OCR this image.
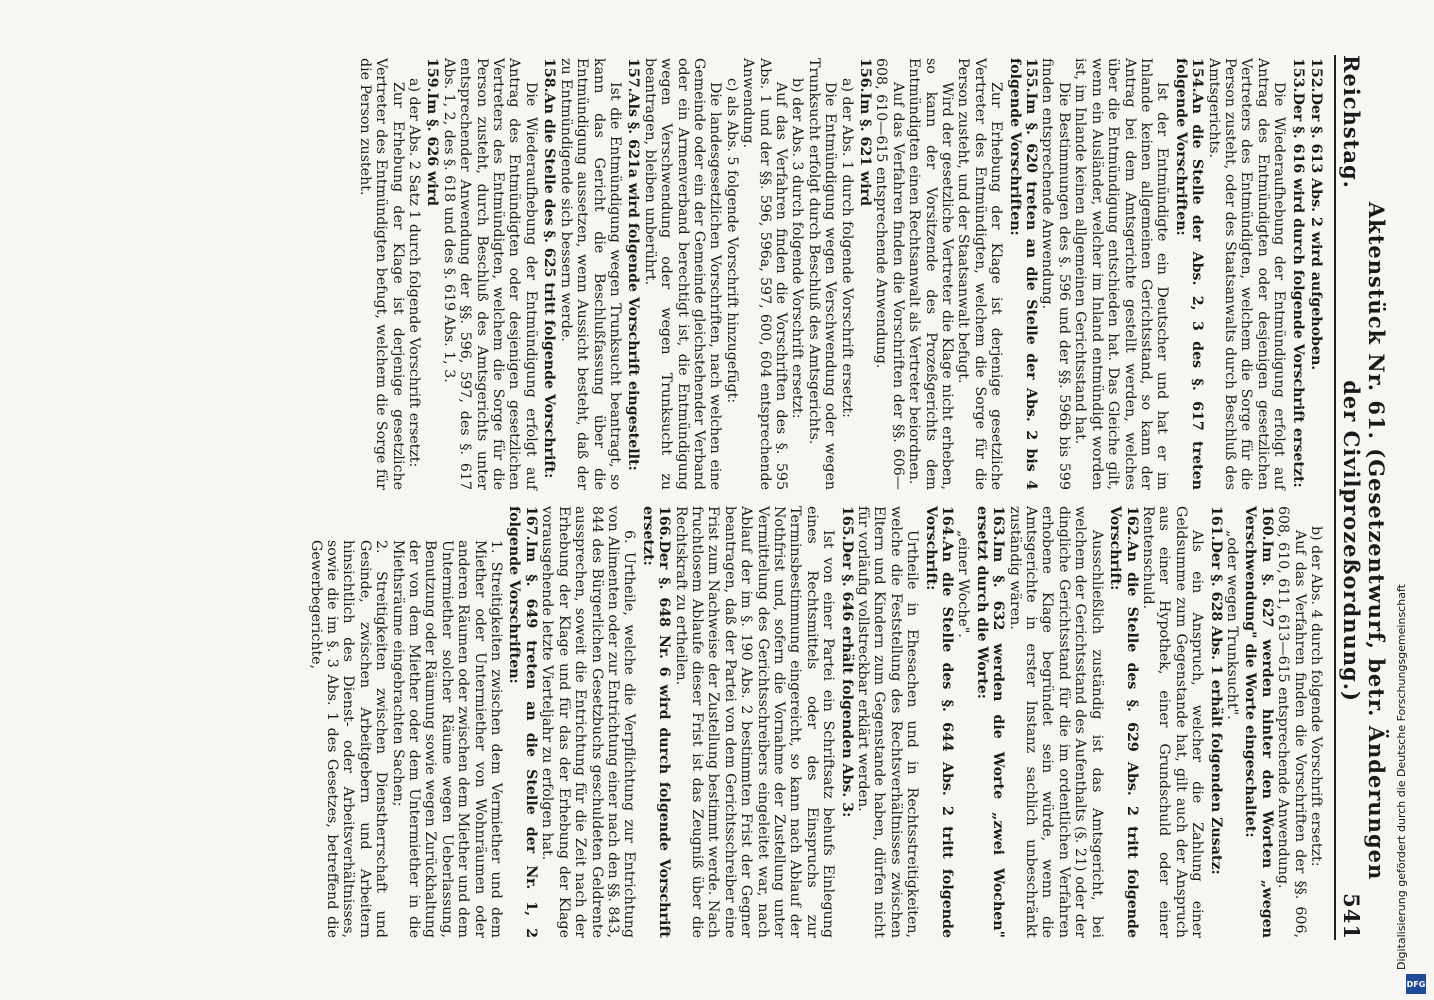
Reichstag.
Aktenstück Nr. 61. (Gesetzentwurf, betr. Änderungen der Civilprozeßordnung.)
541

152.Der §. 613 Abs. 2 wird aufgehoben.

153.Der §. 616 wird durch folgende Vorschrift ersetzt:

Die Wiederaufhebung der Entmündigung erfolgt auf Antrag des Entmündigten oder desjenigen gesetzlichen Vertreters des Entmündigten, welchem die Sorge für die Person zusteht, oder des Staatsanwalts durch Beschluß des Amtsgerichts.

154.An die Stelle der Abs. 2, 3 des §. 617 treten folgende Vorschriften:

Ist der Entmündigte ein Deutscher und hat er im Inlande keinen allgemeinen Gerichtsstand, so kann der Antrag bei dem Amtsgerichte gestellt werden, welches über die Entmündigung entschieden hat. Das Gleiche gilt, wenn ein Ausländer, welcher im Inland entmündigt worden ist, im Inlande keinen allgemeinen Gerichtsstand hat.

Die Bestimmungen des §. 596 und der §§. 596b bis 599 finden entsprechende Anwendung.

155.Im §. 620 treten an die Stelle der Abs. 2 bis 4 folgende Vorschriften:

Zur Erhebung der Klage ist derjenige gesetzliche Vertreter des Entmündigten, welchem die Sorge für die Person zusteht, und der Staatsanwalt befugt.

Wird der gesetzliche Vertreter die Klage nicht erheben, so kann der Vorsitzende des Prozeßgerichts dem Entmündigten einen Rechtsanwalt als Vertreter beiordnen.

Auf das Verfahren finden die Vorschriften der §§. 606—608, 610—615 entsprechende Anwendung.

156.Im §. 621 wird

a) der Abs. 1 durch folgende Vorschrift ersetzt:

Die Entmündigung wegen Verschwendung oder wegen Trunksucht erfolgt durch Beschluß des Amtsgerichts.

b) der Abs. 3 durch folgende Vorschrift ersetzt:

Auf das Verfahren finden die Vorschriften des §. 595 Abs. 1 und der §§. 596, 596a, 597, 600, 604 entsprechende Anwendung.

c) als Abs. 5 folgende Vorschrift hinzugefügt:

Die landesgesetzlichen Vorschriften, nach welchen eine Gemeinde oder ein der Gemeinde gleichstehender Verband oder ein Armenverband berechtigt ist, die Entmündigung wegen Verschwendung oder wegen Trunksucht zu beantragen, bleiben unberührt.

157.Als §. 621a wird folgende Vorschrift eingestellt:

Ist die Entmündigung wegen Trunksucht beantragt, so kann das Gericht die Beschlußfassung über die Entmündigung aussetzen, wenn Aussicht besteht, daß der zu Entmündigende sich bessern werde.

158.An die Stelle des §. 625 tritt folgende Vorschrift:

Die Wiederaufhebung der Entmündigung erfolgt auf Antrag des Entmündigten oder desjenigen gesetzlichen Vertreters des Entmündigten, welchem die Sorge für die Person zusteht, durch Beschluß des Amtsgerichts unter entsprechender Anwendung der §§. 596, 597, des §. 617 Abs. 1, 2, des §. 618 und des §. 619 Abs. 1, 3.

159.Im §. 626 wird

a) der Abs. 2 Satz 1 durch folgende Vorschrift ersetzt:

Zur Erhebung der Klage ist derjenige gesetzliche Vertreter des Entmündigten befugt, welchem die Sorge für die Person zusteht.

b) der Abs. 4 durch folgende Vorschrift ersetzt:

Auf das Verfahren finden die Vorschriften der §§. 606, 608, 610, 611, 613—615 entsprechende Anwendung.

160.Im §. 627 werden hinter den Worten „wegen Verschwendung" die Worte eingeschaltet:

„oder wegen Trunksucht".

161.Der §. 628 Abs. 1 erhält folgenden Zusatz:

Als ein Anspruch, welcher die Zahlung einer Geldsumme zum Gegenstande hat, gilt auch der Anspruch aus einer Hypothek, einer Grundschuld oder einer Rentenschuld.

162.An die Stelle des §. 629 Abs. 2 tritt folgende Vorschrift:

Ausschließlich zuständig ist das Amtsgericht, bei welchem der Gerichtsstand des Aufenthalts (§. 21) oder der dingliche Gerichtsstand für die im ordentlichen Verfahren erhobene Klage begründet sein würde, wenn die Amtsgerichte in erster Instanz sachlich unbeschränkt zuständig wären.

163.Im §. 632 werden die Worte „zwei Wochen" ersetzt durch die Worte:

„einer Woche".

164.An die Stelle des §. 644 Abs. 2 tritt folgende Vorschrift:

Urtheile in Ehesachen und in Rechtsstreitigkeiten, welche die Feststellung des Rechtsverhältnisses zwischen Eltern und Kindern zum Gegenstande haben, dürfen nicht für vorläufig vollstreckbar erklärt werden.

165.Der §. 646 erhält folgenden Abs. 3:

Ist von einer Partei ein Schriftsatz behufs Einlegung eines Rechtsmittels oder des Einspruchs zur Terminsbestimmung eingereicht, so kann nach Ablauf der Nothfrist und, sofern die Vornahme der Zustellung unter Vermittelung des Gerichtsschreibers eingeleitet war, nach Ablauf der im §. 190 Abs. 2 bestimmten Frist der Gegner beantragen, daß der Partei von dem Gerichtsschreiber eine Frist zum Nachweise der Zustellung bestimmt werde. Nach fruchtlosem Ablaufe dieser Frist ist das Zeugniß über die Rechtskraft zu ertheilen.

166.Der §. 648 Nr. 6 wird durch folgende Vorschrift ersetzt:

6. Urtheile, welche die Verpflichtung zur Entrichtung von Alimenten oder zur Entrichtung einer nach den §§. 843, 844 des Bürgerlichen Gesetzbuchs geschuldeten Geldrente aussprechen, soweit die Entrichtung für die Zeit nach der Erhebung der Klage und für das der Erhebung der Klage vorausgehende letzte Vierteljahr zu erfolgen hat.

167.Im §. 649 treten an die Stelle der Nr. 1, 2 folgende Vorschriften:

1. Streitigkeiten zwischen dem Vermiether und dem Miether oder Untermiether von Wohnräumen oder anderen Räumen oder zwischen dem Miether und dem Untermiether solcher Räume wegen Ueberlassung, Benutzung oder Räumung sowie wegen Zurückhaltung der von dem Miether oder dem Untermiether in die Miethsräume eingebrachten Sachen;

2. Streitigkeiten zwischen Dienstherrschaft und Gesinde, zwischen Arbeitgebern und Arbeitern hinsichtlich des Dienst- oder Arbeitsverhältnisses, sowie die im §. 3 Abs. 1 des Gesetzes, betreffend die Gewerbegerichte,	Digitalisierung gefördert durch die Deutsche Forschungsgemeinschaft
DFG
